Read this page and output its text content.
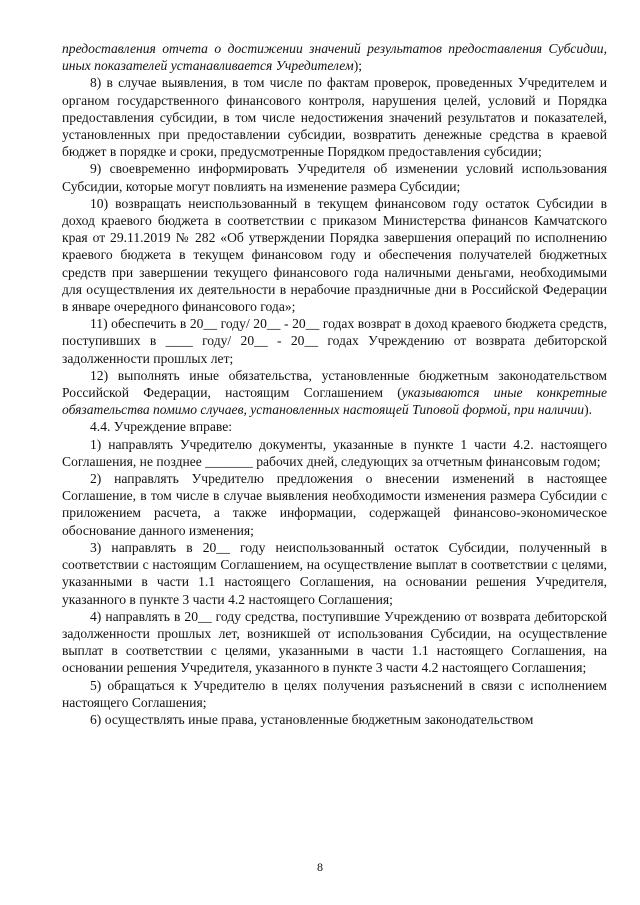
предоставления отчета о достижении значений результатов предоставления Субсидии, иных показателей устанавливается Учредителем);

8) в случае выявления, в том числе по фактам проверок, проведенных Учредителем и органом государственного финансового контроля, нарушения целей, условий и Порядка предоставления субсидии, в том числе недостижения значений результатов и показателей, установленных при предоставлении субсидии, возвратить денежные средства в краевой бюджет в порядке и сроки, предусмотренные Порядком предоставления субсидии;

9) своевременно информировать Учредителя об изменении условий использования Субсидии, которые могут повлиять на изменение размера Субсидии;

10) возвращать неиспользованный в текущем финансовом году остаток Субсидии в доход краевого бюджета в соответствии с приказом Министерства финансов Камчатского края от 29.11.2019 № 282 «Об утверждении Порядка завершения операций по исполнению краевого бюджета в текущем финансовом году и обеспечения получателей бюджетных средств при завершении текущего финансового года наличными деньгами, необходимыми для осуществления их деятельности в нерабочие праздничные дни в Российской Федерации в январе очередного финансового года»;

11) обеспечить в 20__ году/ 20__ - 20__ годах возврат в доход краевого бюджета средств, поступивших в ____ году/ 20__ - 20__ годах Учреждению от возврата дебиторской задолженности прошлых лет;

12) выполнять иные обязательства, установленные бюджетным законодательством Российской Федерации, настоящим Соглашением (указываются иные конкретные обязательства помимо случаев, установленных настоящей Типовой формой, при наличии).

4.4. Учреждение вправе:

1) направлять Учредителю документы, указанные в пункте 1 части 4.2. настоящего Соглашения, не позднее _______ рабочих дней, следующих за отчетным финансовым годом;

2) направлять Учредителю предложения о внесении изменений в настоящее Соглашение, в том числе в случае выявления необходимости изменения размера Субсидии с приложением расчета, а также информации, содержащей финансово-экономическое обоснование данного изменения;

3) направлять в 20__ году неиспользованный остаток Субсидии, полученный в соответствии с настоящим Соглашением, на осуществление выплат в соответствии с целями, указанными в части 1.1 настоящего Соглашения, на основании решения Учредителя, указанного в пункте 3 части 4.2 настоящего Соглашения;

4) направлять в 20__ году средства, поступившие Учреждению от возврата дебиторской задолженности прошлых лет, возникшей от использования Субсидии, на осуществление выплат в соответствии с целями, указанными в части 1.1 настоящего Соглашения, на основании решения Учредителя, указанного в пункте 3 части 4.2 настоящего Соглашения;

5) обращаться к Учредителю в целях получения разъяснений в связи с исполнением настоящего Соглашения;

6) осуществлять иные права, установленные бюджетным законодательством

8
